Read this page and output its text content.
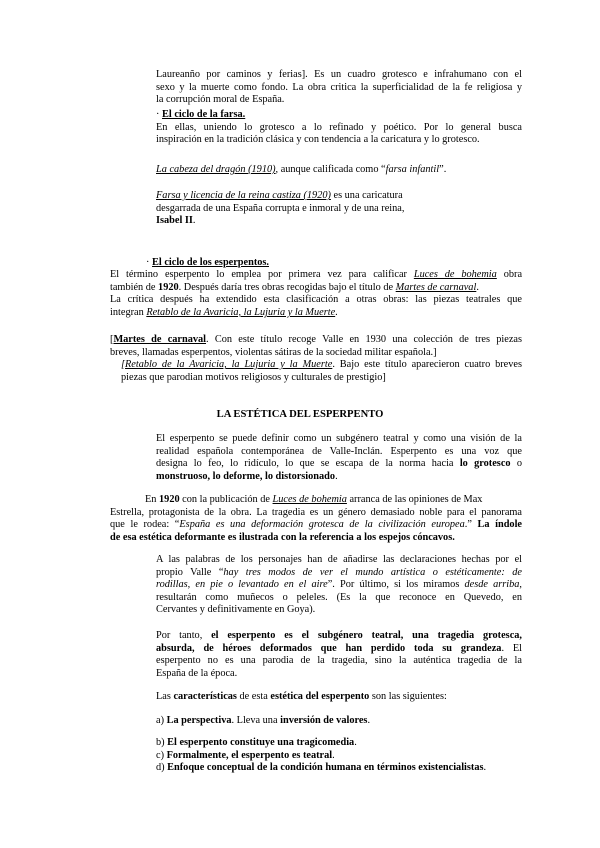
Laureanño por caminos y ferias]. Es un cuadro grotesco e infrahumano con el

sexo y la muerte como fondo. La obra critica la superficialidad de la fe religiosa y

la corrupción moral de España.

· El ciclo de la farsa.

En ellas, uniendo lo grotesco a lo refinado y poético. Por lo general busca

inspiración en la tradición clásica y con tendencia a la caricatura y lo grotesco.

La cabeza del dragón (1910), aunque calificada como “farsa infantil”.

Farsa y licencia de la reina castiza (1920) es una caricatura

desgarrada de una España corrupta e inmoral y de una reina,

Isabel II.

· El ciclo de los esperpentos.

El término esperpento lo emplea por primera vez para calificar Luces de bohemia obra

también de 1920. Después daría tres obras recogidas bajo el título de Martes de carnaval.

La crítica después ha extendido esta clasificación a otras obras: las piezas teatrales que

integran Retablo de la Avaricia, la Lujuria y la Muerte.

[Martes de carnaval. Con este título recoge Valle en 1930 una colección de tres piezas

breves, llamadas esperpentos, violentas sátiras de la sociedad militar española.]

[Retablo de la Avaricia, la Lujuria y la Muerte. Bajo este título aparecieron cuatro breves

piezas que parodian motivos religiosos y culturales de prestigio]

LA ESTÉTICA DEL ESPERPENTO

El esperpento se puede definir como un subgénero teatral y como una visión de la

realidad española contemporánea de Valle-Inclán. Esperpento es una voz que

designa lo feo, lo ridículo, lo que se escapa de la norma hacia lo grotesco o

monstruoso, lo deforme, lo distorsionado.

En 1920 con la publicación de Luces de bohemia arranca de las opiniones de Max

Estrella, protagonista de la obra. La tragedia es un género demasiado noble para el panorama

que le rodea: “España es una deformación grotesca de la civilización europea.” La índole

de esa estética deformante es ilustrada con la referencia a los espejos cóncavos.

A las palabras de los personajes han de añadirse las declaraciones hechas por el

propio Valle “hay tres modos de ver el mundo artística o estéticamente: de

rodillas, en pie o levantado en el aire”. Por último, si los miramos desde arriba,

resultarán como muñecos o peleles. (Es la que reconoce en Quevedo, en

Cervantes y definitivamente en Goya).

Por tanto, el esperpento es el subgénero teatral, una tragedia grotesca,

absurda, de héroes deformados que han perdido toda su grandeza. El

esperpento no es una parodia de la tragedia, sino la auténtica tragedia de la

España de la época.

Las características de esta estética del esperpento son las siguientes:

a) La perspectiva. Lleva una inversión de valores.

b) El esperpento constituye una tragicomedia.

c) Formalmente, el esperpento es teatral.

d) Enfoque conceptual de la condición humana en términos existencialistas.
